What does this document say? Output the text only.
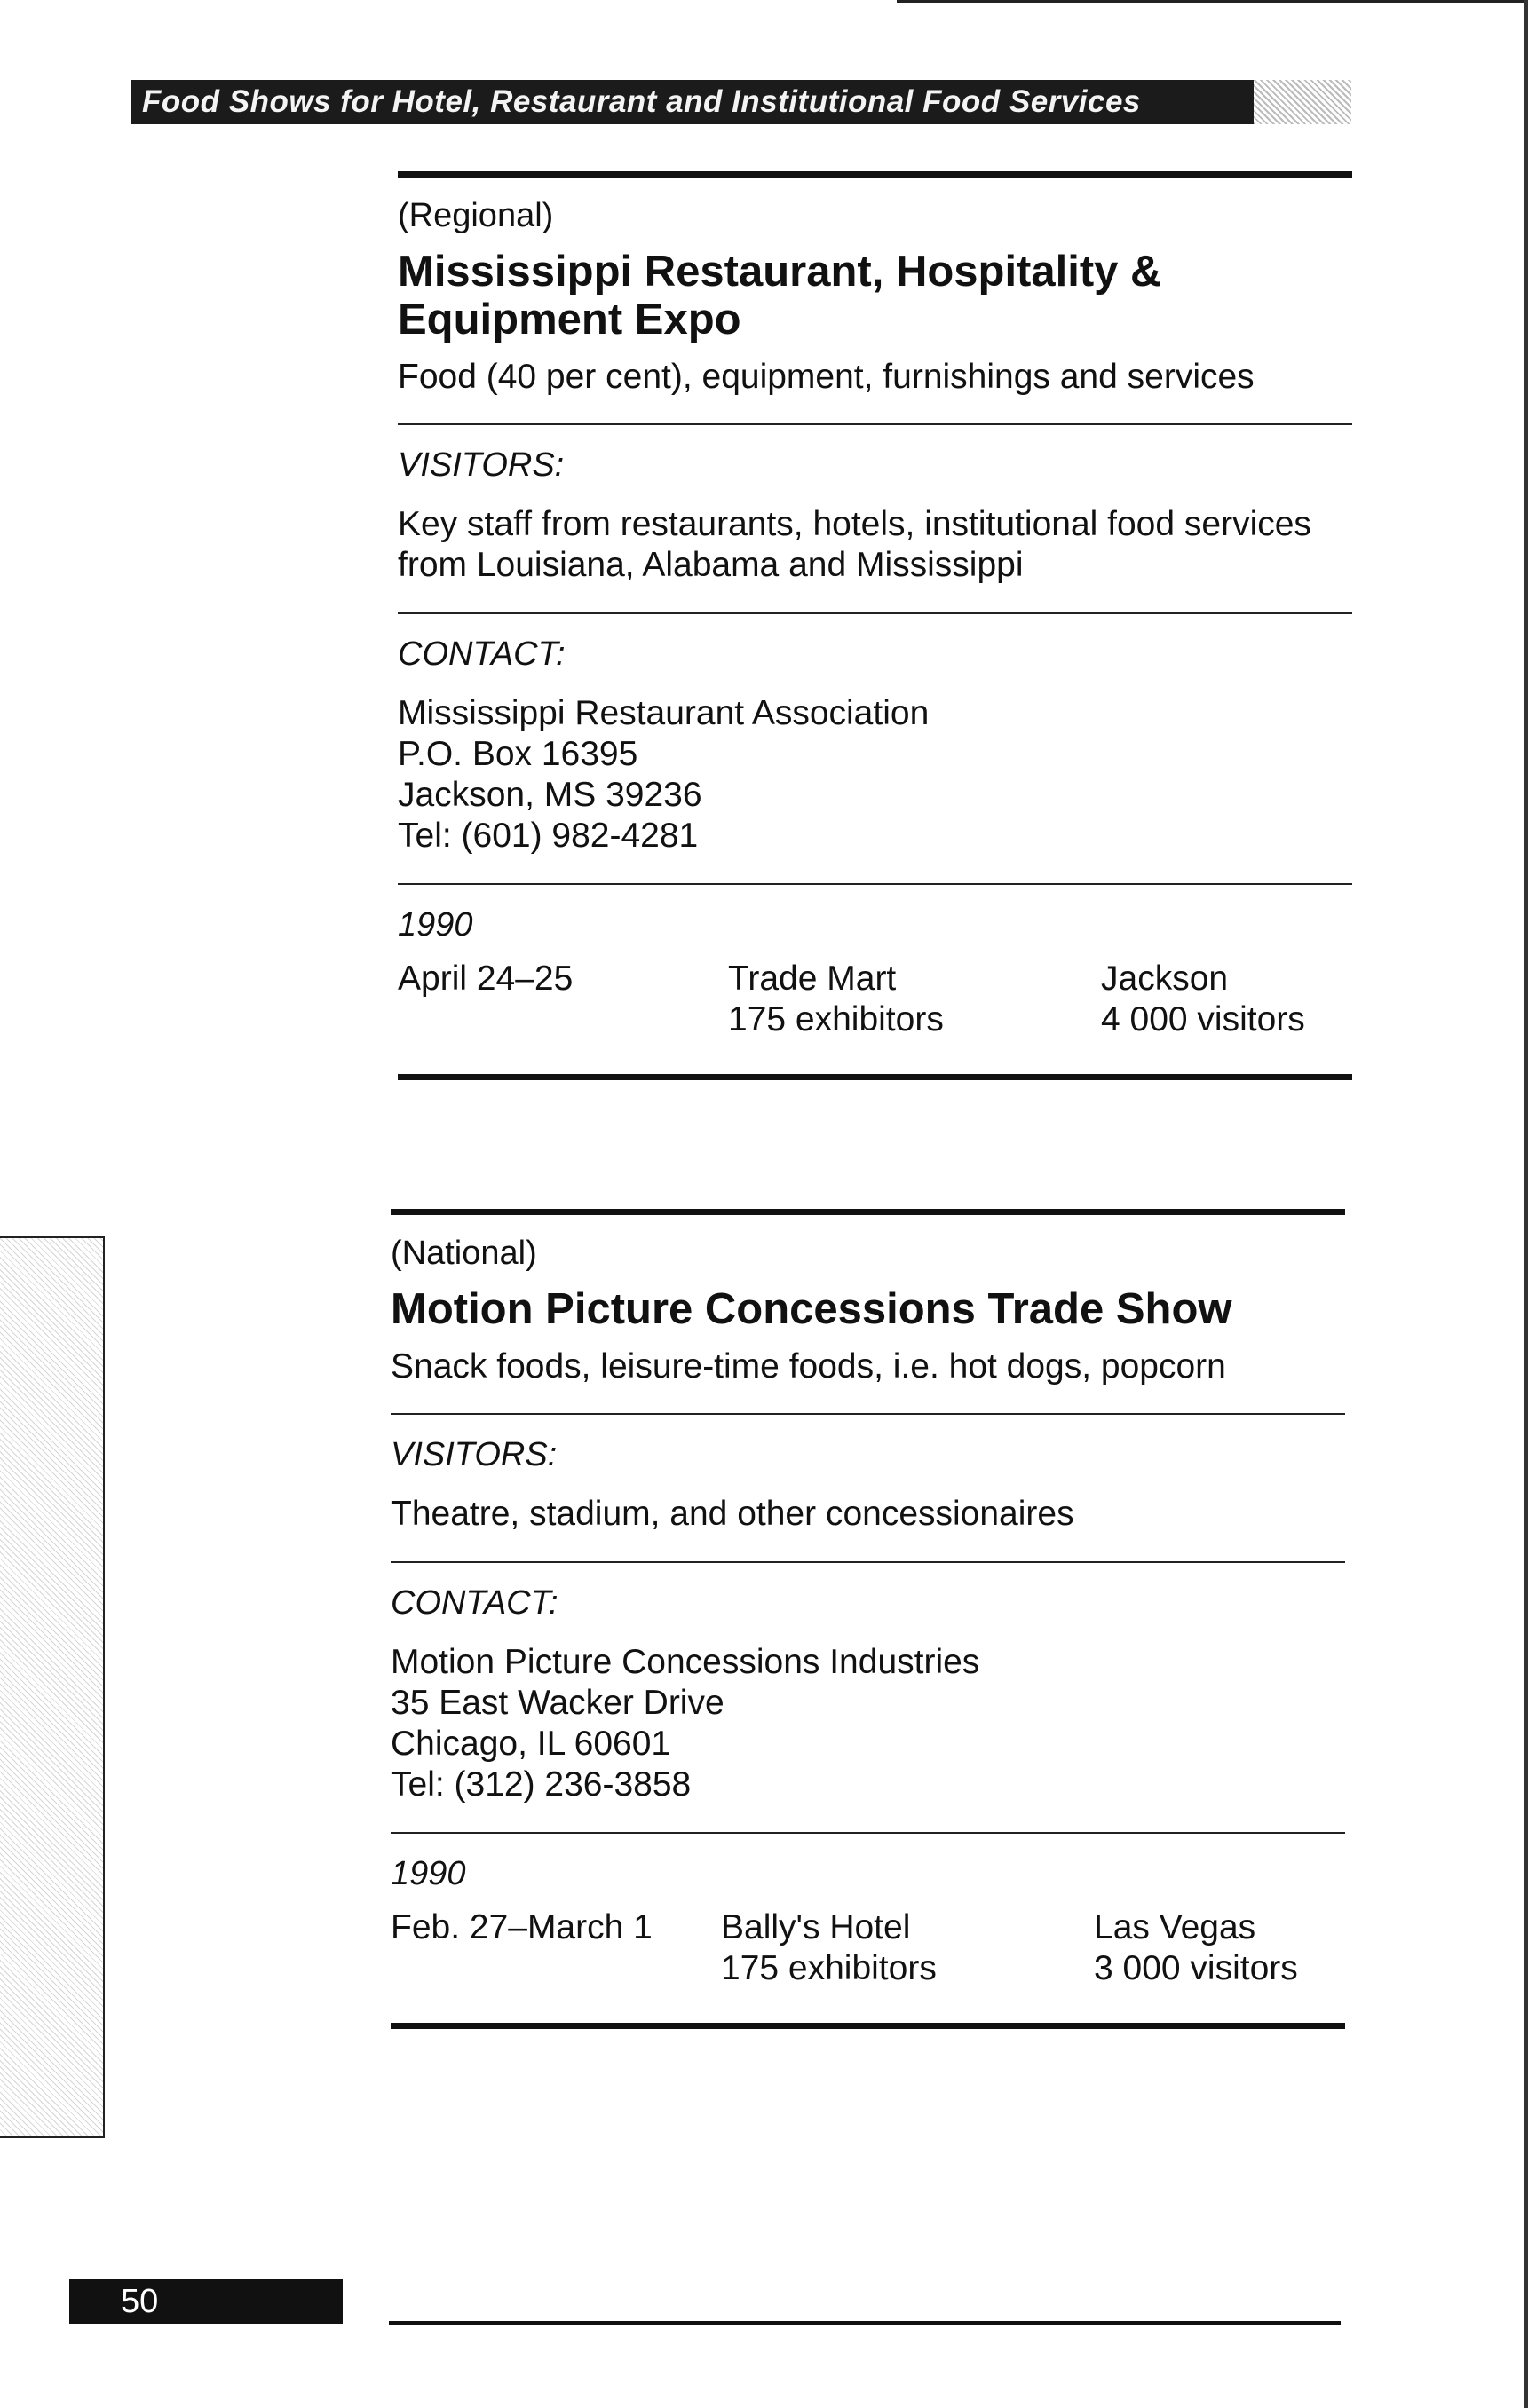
Food Shows for Hotel, Restaurant and Institutional Food Services
(Regional)
Mississippi Restaurant, Hospitality & Equipment Expo
Food (40 per cent), equipment, furnishings and services
VISITORS:
Key staff from restaurants, hotels, institutional food services from Louisiana, Alabama and Mississippi
CONTACT:
Mississippi Restaurant Association
P.O. Box 16395
Jackson, MS 39236
Tel: (601) 982-4281
1990
April 24–25	Trade Mart
175 exhibitors
Jackson
4 000 visitors
(National)
Motion Picture Concessions Trade Show
Snack foods, leisure-time foods, i.e. hot dogs, popcorn
VISITORS:
Theatre, stadium, and other concessionaires
CONTACT:
Motion Picture Concessions Industries
35 East Wacker Drive
Chicago, IL 60601
Tel: (312) 236-3858
1990
Feb. 27–March 1	Bally's Hotel
175 exhibitors
Las Vegas
3 000 visitors
50
